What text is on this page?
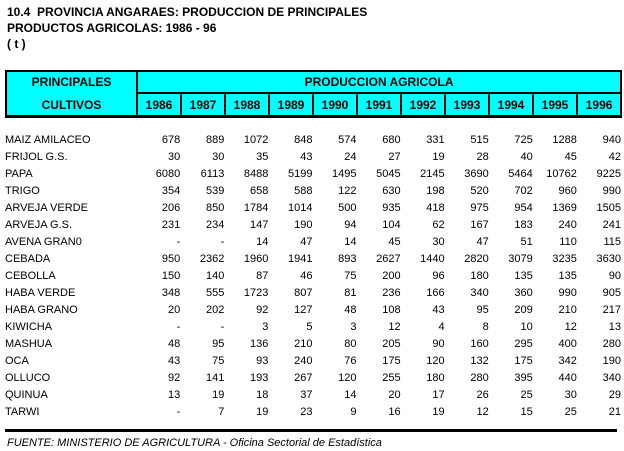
10.4  PROVINCIA ANGARAES: PRODUCCION DE PRINCIPALES
PRODUCTOS AGRICOLAS: 1986 - 96
( t )
PRINCIPALES
CULTIVOS	PRODUCCION AGRICOLA										
	1986	1987	1988	1989	1990	1991	1992	1993	1994	1995	1996
MAIZ AMILACEO	678	889	1072	848	574	680	331	515	725	1288	940
FRIJOL G.S.	30	30	35	43	24	27	19	28	40	45	42
PAPA	6080	6113	8488	5199	1495	5045	2145	3690	5464	10762	9225
TRIGO	354	539	658	588	122	630	198	520	702	960	990
ARVEJA VERDE	206	850	1784	1014	500	935	418	975	954	1369	1505
ARVEJA G.S.	231	234	147	190	94	104	62	167	183	240	241
AVENA GRAN0	-	-	14	47	14	45	30	47	51	110	115
CEBADA	950	2362	1960	1941	893	2627	1440	2820	3079	3235	3630
CEBOLLA	150	140	87	46	75	200	96	180	135	135	90
HABA VERDE	348	555	1723	807	81	236	166	340	360	990	905
HABA GRANO	20	202	92	127	48	108	43	95	209	210	217
KIWICHA	-	-	3	5	3	12	4	8	10	12	13
MASHUA	48	95	136	210	80	205	90	160	295	400	280
OCA	43	75	93	240	76	175	120	132	175	342	190
OLLUCO	92	141	193	267	120	255	180	280	395	440	340
QUINUA	13	19	18	37	14	20	17	26	25	30	29
TARWI	-	7	19	23	9	16	19	12	15	25	21
FUENTE: MINISTERIO DE AGRICULTURA - Oficina Sectorial de Estadística
